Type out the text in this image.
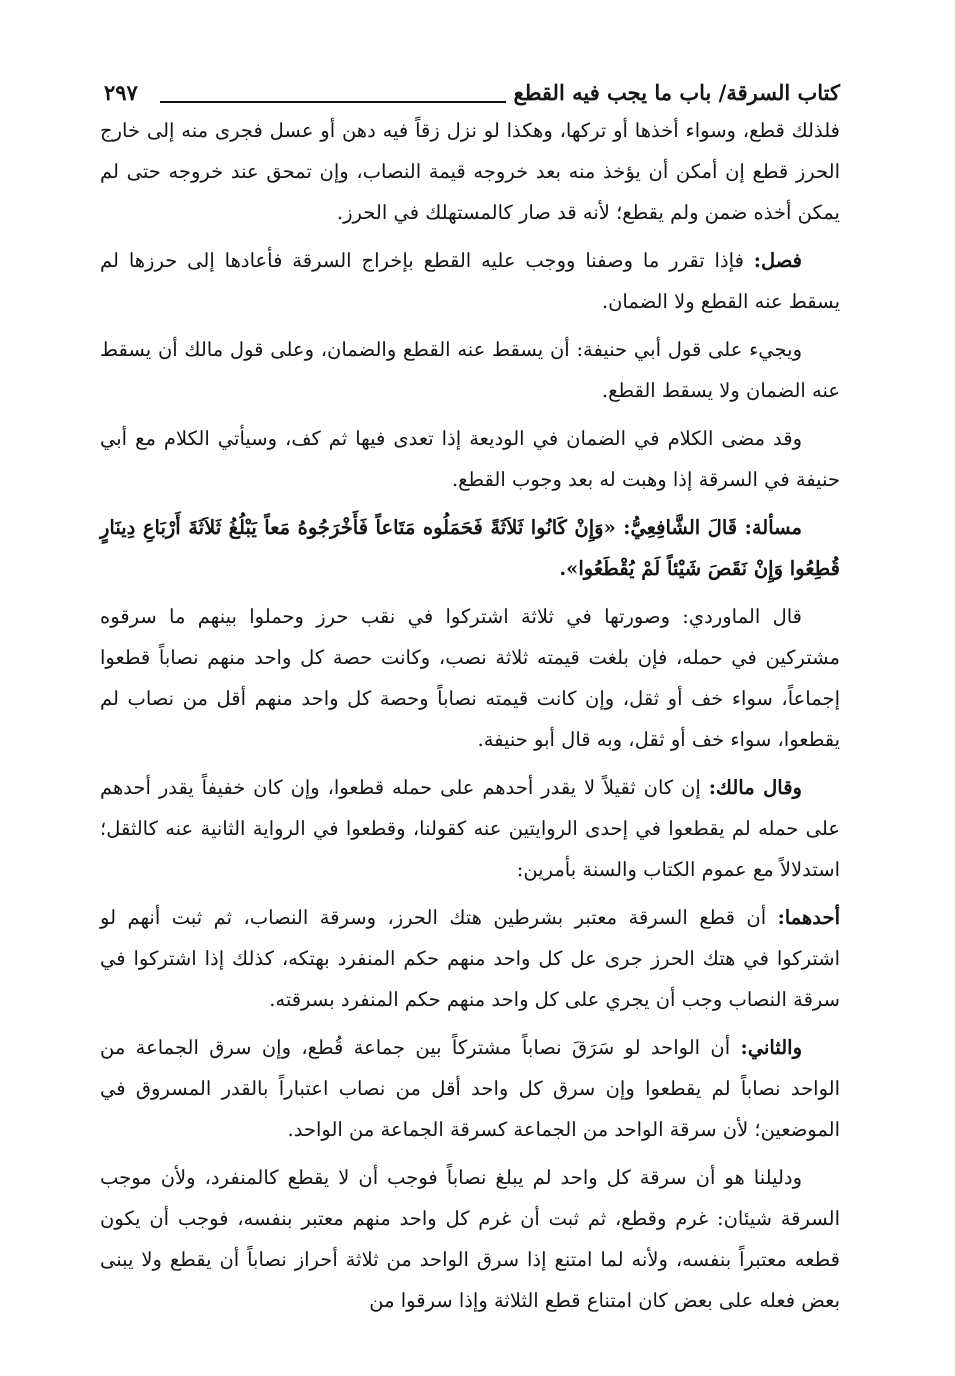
كتاب السرقة/ باب ما يجب فيه القطع
٢٩٧

فلذلك قطع، وسواء أخذها أو تركها، وهكذا لو نزل زقاً فيه دهن أو عسل فجرى منه إلى خارج الحرز قطع إن أمكن أن يؤخذ منه بعد خروجه قيمة النصاب، وإن تمحق عند خروجه حتى لم يمكن أخذه ضمن ولم يقطع؛ لأنه قد صار كالمستهلك في الحرز.

فصل: فإذا تقرر ما وصفنا ووجب عليه القطع بإخراج السرقة فأعادها إلى حرزها لم يسقط عنه القطع ولا الضمان.

ويجيء على قول أبي حنيفة: أن يسقط عنه القطع والضمان، وعلى قول مالك أن يسقط عنه الضمان ولا يسقط القطع.

وقد مضى الكلام في الضمان في الوديعة إذا تعدى فيها ثم كف، وسيأتي الكلام مع أبي حنيفة في السرقة إذا وهبت له بعد وجوب القطع.

مسألة: قَالَ الشَّافِعِيُّ: «وَإِنْ كَانُوا ثَلاَثَةً فَحَمَلُوه مَتَاعاً فَأَخْرَجُوهُ مَعاً يَبْلُغُ ثَلاَثَةَ أَرْبَاعِ دِينَارٍ قُطِعُوا وَإِنْ نَقَصَ شَيْئاً لَمْ يُقْطَعُوا».

قال الماوردي: وصورتها في ثلاثة اشتركوا في نقب حرز وحملوا بينهم ما سرقوه مشتركين في حمله، فإن بلغت قيمته ثلاثة نصب، وكانت حصة كل واحد منهم نصاباً قطعوا إجماعاً، سواء خف أو ثقل، وإن كانت قيمته نصاباً وحصة كل واحد منهم أقل من نصاب لم يقطعوا، سواء خف أو ثقل، وبه قال أبو حنيفة.

وقال مالك: إن كان ثقيلاً لا يقدر أحدهم على حمله قطعوا، وإن كان خفيفاً يقدر أحدهم على حمله لم يقطعوا في إحدى الروايتين عنه كقولنا، وقطعوا في الرواية الثانية عنه كالثقل؛ استدلالاً مع عموم الكتاب والسنة بأمرين:

أحدهما: أن قطع السرقة معتبر بشرطين هتك الحرز، وسرقة النصاب، ثم ثبت أنهم لو اشتركوا في هتك الحرز جرى عل كل واحد منهم حكم المنفرد بهتكه، كذلك إذا اشتركوا في سرقة النصاب وجب أن يجري على كل واحد منهم حكم المنفرد بسرقته.

والثاني: أن الواحد لو سَرَقَ نصاباً مشتركاً بين جماعة قُطع، وإن سرق الجماعة من الواحد نصاباً لم يقطعوا وإن سرق كل واحد أقل من نصاب اعتباراً بالقدر المسروق في الموضعين؛ لأن سرقة الواحد من الجماعة كسرقة الجماعة من الواحد.

ودليلنا هو أن سرقة كل واحد لم يبلغ نصاباً فوجب أن لا يقطع كالمنفرد، ولأن موجب السرقة شيئان: غرم وقطع، ثم ثبت أن غرم كل واحد منهم معتبر بنفسه، فوجب أن يكون قطعه معتبراً بنفسه، ولأنه لما امتنع إذا سرق الواحد من ثلاثة أحراز نصاباً أن يقطع ولا يبنى بعض فعله على بعض كان امتناع قطع الثلاثة وإذا سرقوا من
